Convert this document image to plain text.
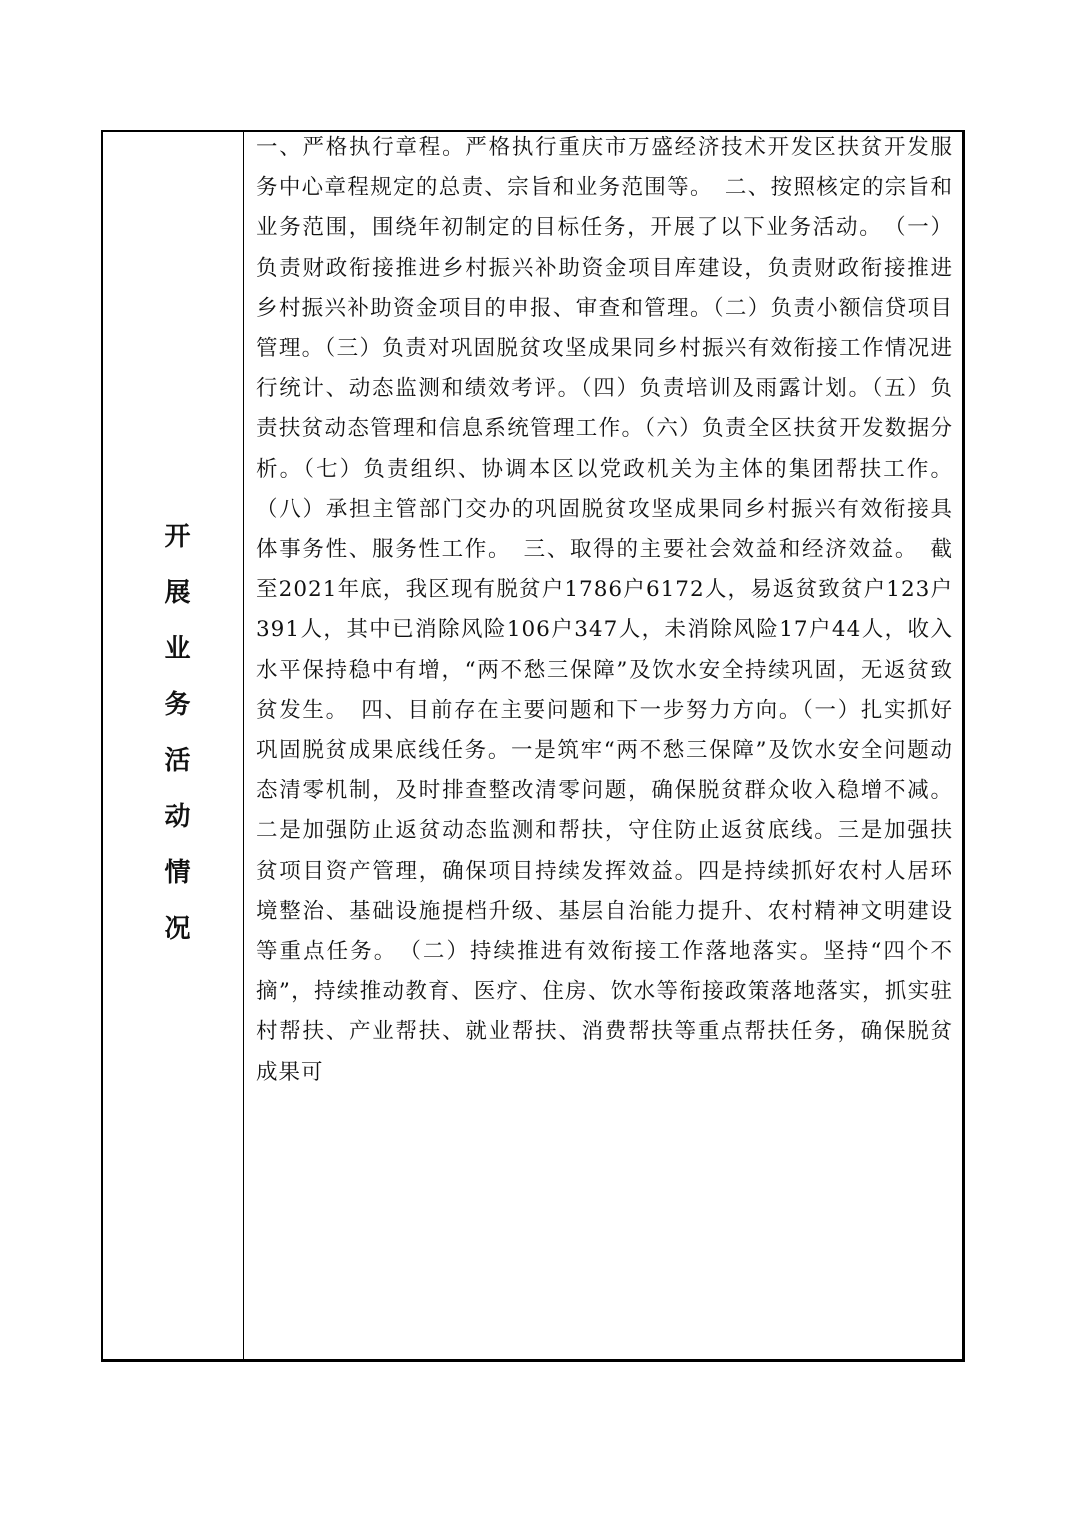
开展业务活动情况

一、严格执行章程。严格执行重庆市万盛经济技术开发区扶贫开发服务中心章程规定的总责、宗旨和业务范围等。　二、按照核定的宗旨和业务范围，围绕年初制定的目标任务，开展了以下业务活动。　（一）负责财政衔接推进乡村振兴补助资金项目库建设，负责财政衔接推进乡村振兴补助资金项目的申报、审查和管理。（二）负责小额信贷项目管理。（三）负责对巩固脱贫攻坚成果同乡村振兴有效衔接工作情况进行统计、动态监测和绩效考评。（四）负责培训及雨露计划。（五）负责扶贫动态管理和信息系统管理工作。（六）负责全区扶贫开发数据分析。（七）负责组织、协调本区以党政机关为主体的集团帮扶工作。（八）承担主管部门交办的巩固脱贫攻坚成果同乡村振兴有效衔接具体事务性、服务性工作。　三、取得的主要社会效益和经济效益。　截至2021年底，我区现有脱贫户1786户6172人，易返贫致贫户123户391人，其中已消除风险106户347人，未消除风险17户44人，收入水平保持稳中有增，“两不愁三保障”及饮水安全持续巩固，无返贫致贫发生。　四、目前存在主要问题和下一步努力方向。（一）扎实抓好巩固脱贫成果底线任务。一是筑牢“两不愁三保障”及饮水安全问题动态清零机制，及时排查整改清零问题，确保脱贫群众收入稳增不减。二是加强防止返贫动态监测和帮扶，守住防止返贫底线。三是加强扶贫项目资产管理，确保项目持续发挥效益。四是持续抓好农村人居环境整治、基础设施提档升级、基层自治能力提升、农村精神文明建设等重点任务。　（二）持续推进有效衔接工作落地落实。坚持“四个不摘”，持续推动教育、医疗、住房、饮水等衔接政策落地落实，抓实驻村帮扶、产业帮扶、就业帮扶、消费帮扶等重点帮扶任务，确保脱贫成果可
